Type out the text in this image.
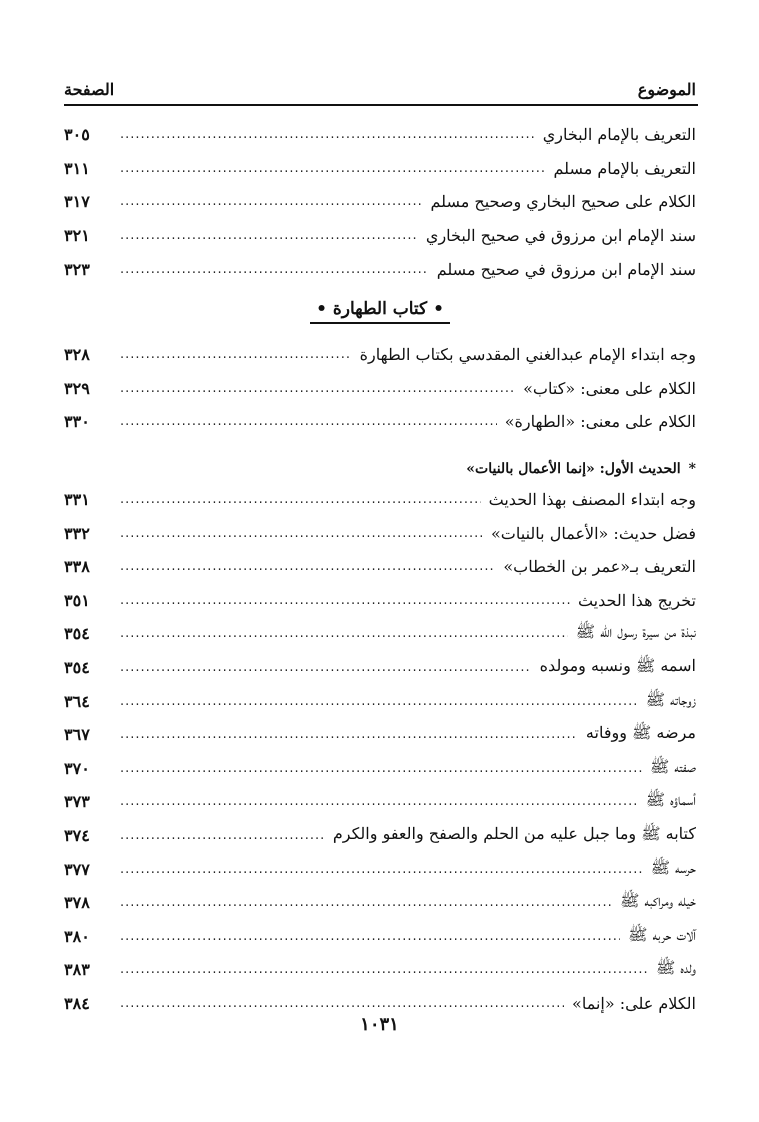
الموضوع
الصفحة
التعريف بالإمام البخاري
.....
٣٠٥
التعريف بالإمام مسلم
.....
٣١١
الكلام على صحيح البخاري وصحيح مسلم
.....
٣١٧
سند الإمام ابن مرزوق في صحيح البخاري
.....
٣٢١
سند الإمام ابن مرزوق في صحيح مسلم
.....
٣٢٣
• كتاب الطهارة •
وجه ابتداء الإمام عبدالغني المقدسي بكتاب الطهارة
.....
٣٢٨
الكلام على معنى: «كتاب»
.....
٣٢٩
الكلام على معنى: «الطهارة»
.....
٣٣٠
*
الحديث الأول: «إنما الأعمال بالنيات»
وجه ابتداء المصنف بهذا الحديث
.....
٣٣١
فضل حديث: «الأعمال بالنيات»
.....
٣٣٢
التعريف بـ«عمر بن الخطاب»
.....
٣٣٨
تخريج هذا الحديث
.....
٣٥١
نبذة من سيرة رسول الله ﷺ
.....
٣٥٤
اسمه ﷺ ونسبه ومولده
.....
٣٥٤
زوجاته ﷺ
.....
٣٦٤
مرضه ﷺ ووفاته
.....
٣٦٧
صفته ﷺ
.....
٣٧٠
أسماؤه ﷺ
.....
٣٧٣
كتابه ﷺ وما جبل عليه من الحلم والصفح والعفو والكرم
.....
٣٧٤
حرسه ﷺ
.....
٣٧٧
خيله ومراكبه ﷺ
.....
٣٧٨
آلات حربه ﷺ
.....
٣٨٠
ولده ﷺ
.....
٣٨٣
الكلام على: «إنما»
.....
٣٨٤
١٠٣١
